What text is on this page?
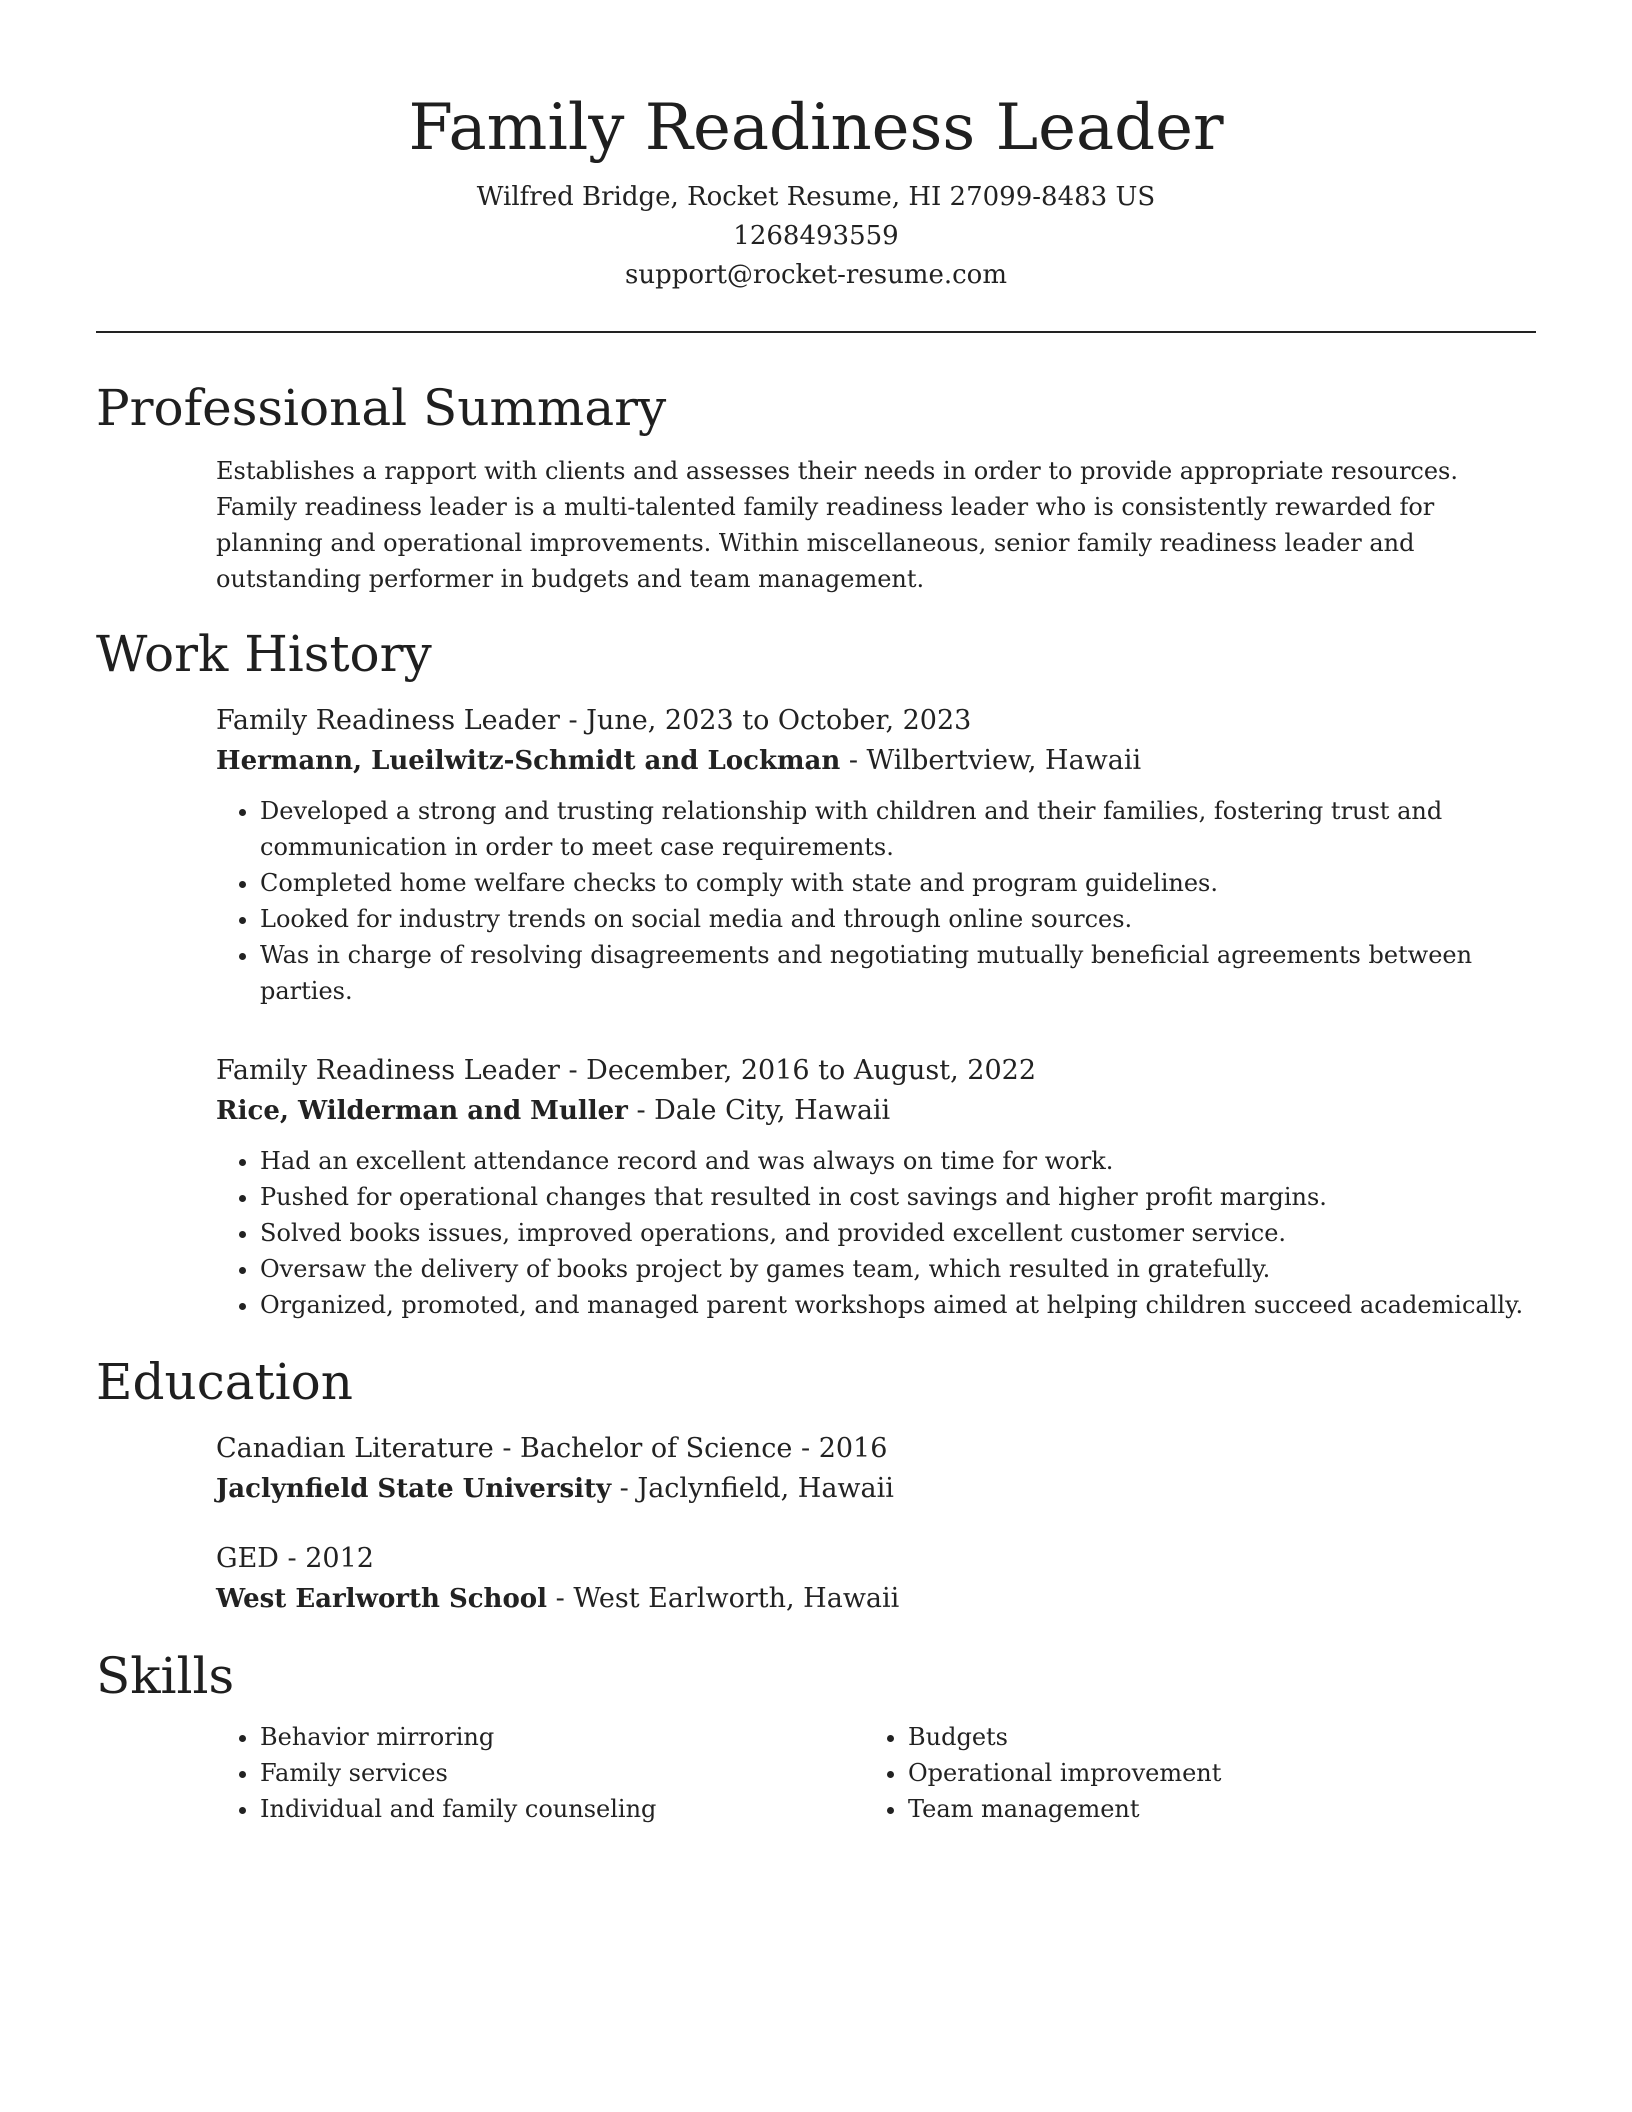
Family Readiness Leader
Wilfred Bridge, Rocket Resume, HI 27099-8483 US
1268493559
support@rocket-resume.com
Professional Summary
Establishes a rapport with clients and assesses their needs in order to provide appropriate resources. Family readiness leader is a multi-talented family readiness leader who is consistently rewarded for planning and operational improvements. Within miscellaneous, senior family readiness leader and outstanding performer in budgets and team management.
Work History
Family Readiness Leader - June, 2023 to October, 2023
Hermann, Lueilwitz-Schmidt and Lockman - Wilbertview, Hawaii
• Developed a strong and trusting relationship with children and their families, fostering trust and communication in order to meet case requirements.
• Completed home welfare checks to comply with state and program guidelines.
• Looked for industry trends on social media and through online sources.
• Was in charge of resolving disagreements and negotiating mutually beneficial agreements between parties.
Family Readiness Leader - December, 2016 to August, 2022
Rice, Wilderman and Muller - Dale City, Hawaii
• Had an excellent attendance record and was always on time for work.
• Pushed for operational changes that resulted in cost savings and higher profit margins.
• Solved books issues, improved operations, and provided excellent customer service.
• Oversaw the delivery of books project by games team, which resulted in gratefully.
• Organized, promoted, and managed parent workshops aimed at helping children succeed academically.
Education
Canadian Literature - Bachelor of Science - 2016
Jaclynfield State University - Jaclynfield, Hawaii
GED - 2012
West Earlworth School - West Earlworth, Hawaii
Skills
• Behavior mirroring
• Family services
• Individual and family counseling
• Budgets
• Operational improvement
• Team management
